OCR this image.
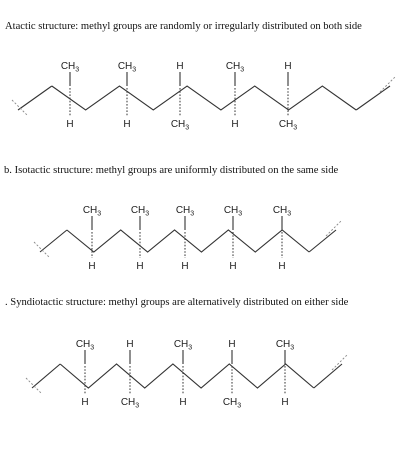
Atactic structure: methyl groups are randomly or irregularly distributed on both side
$CH_3$
H
$CH_3$
H
H
$CH_3$
$CH_3$
H
H
$CH_3$
b. Isotactic structure: methyl groups are uniformly distributed on the same side
$CH_3$
H
$CH_3$
H
$CH_3$
H
$CH_3$
H
$CH_3$
H
. Syndiotactic structure: methyl groups are alternatively distributed on either side
$CH_3$
H
H
$CH_3$
$CH_3$
H
H
$CH_3$
$CH_3$
H
